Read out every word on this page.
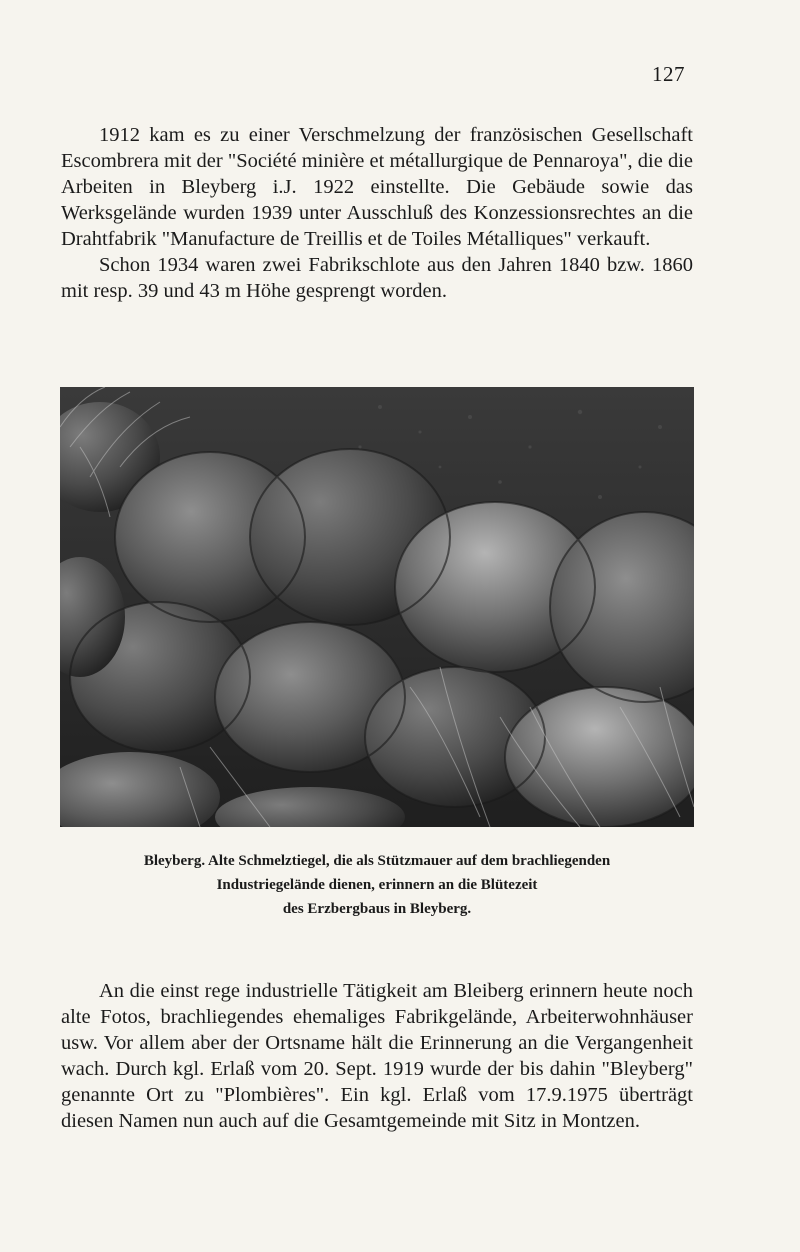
127

1912 kam es zu einer Verschmelzung der französischen Gesellschaft Escombrera mit der "Société minière et métallurgique de Pennaroya", die die Arbeiten in Bleyberg i.J. 1922 einstellte. Die Gebäude sowie das Werksgelände wurden 1939 unter Ausschluß des Konzessionsrechtes an die Drahtfabrik "Manufacture de Treillis et de Toiles Métalliques" verkauft.

Schon 1934 waren zwei Fabrikschlote aus den Jahren 1840 bzw. 1860 mit resp. 39 und 43 m Höhe gesprengt worden.

Bleyberg. Alte Schmelztiegel, die als Stützmauer auf dem brachliegenden
Industriegelände dienen, erinnern an die Blütezeit
des Erzbergbaus in Bleyberg.

An die einst rege industrielle Tätigkeit am Bleiberg erinnern heute noch alte Fotos, brachliegendes ehemaliges Fabrikgelände, Arbeiterwohnhäuser usw. Vor allem aber der Ortsname hält die Erinnerung an die Vergangenheit wach. Durch kgl. Erlaß vom 20. Sept. 1919 wurde der bis dahin "Bleyberg" genannte Ort zu "Plombières". Ein kgl. Erlaß vom 17.9.1975 überträgt diesen Namen nun auch auf die Gesamtgemeinde mit Sitz in Montzen.
